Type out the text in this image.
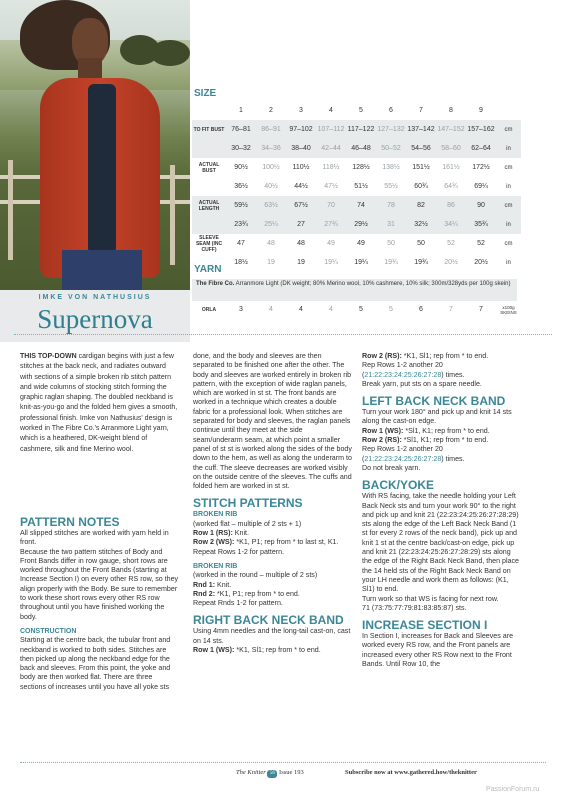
IMKE VON NATHUSIUS
Supernova
SIZE
	1	2	3	4	5	6	7	8	9	
TO FIT BUST	76–81	86–91	97–102	107–112	117–122	127–132	137–142	147–152	157–162	cm
	30–32	34–36	38–40	42–44	46–48	50–52	54–56	58–60	62–64	in
ACTUAL BUST	90½	100½	110½	118½	128½	138½	151½	161½	172½	cm
	36½	40½	44½	47½	51½	55½	60¾	64¾	69¼	in
ACTUAL LENGTH	59½	63½	67½	70	74	78	82	86	90	cm
	23¾	25¼	27	27¾	29½	31	32½	34¼	35¾	in
SLEEVE SEAM (INC CUFF)	47	48	48	49	49	50	50	52	52	cm
	18½	19	19	19¼	19¼	19¾	19¾	20½	20½	in
YARN
The Fibre Co. Arranmore Light (DK weight; 80% Merino wool, 10% cashmere, 10% silk; 300m/328yds per 100g skein)
ORLA	3	4	4	4	5	5	6	7	7	x100g SKEINS

THIS TOP-DOWN cardigan begins with just a few stitches at the back neck, and radiates outward with sections of a simple broken rib stitch pattern and wide columns of stocking stitch forming the graphic raglan shaping. The doubled neckband is knit-as-you-go and the folded hem gives a smooth, professional finish. Imke von Nathusius' design is worked in The Fibre Co.'s Arranmore Light yarn, which is a heathered, DK-weight blend of cashmere, silk and fine Merino wool.

PATTERN NOTES

All slipped stitches are worked with yarn held in front.

Because the two pattern stitches of Body and Front Bands differ in row gauge, short rows are worked throughout the Front Bands (starting at Increase Section I) on every other RS row, so they align properly with the Body. Be sure to remember to work these short rows every other RS row throughout until you have finished working the body.

CONSTRUCTION

Starting at the centre back, the tubular front and neckband is worked to both sides. Stitches are then picked up along the neckband edge for the back and sleeves. From this point, the yoke and body are then worked flat. There are three sections of increases until you have all yoke sts

done, and the body and sleeves are then separated to be finished one after the other. The body and sleeves are worked entirely in broken rib pattern, with the exception of wide raglan panels, which are worked in st st. The front bands are worked in a technique which creates a double fabric for a professional look. When stitches are separated for body and sleeves, the raglan panels continue until they meet at the side seam/underarm seam, at which point a smaller panel of st st is worked along the sides of the body down to the hem, as well as along the underarm to the cuff. The sleeve decreases are worked visibly on the outside centre of the sleeves. The cuffs and folded hem are worked in st st.

STITCH PATTERNS
BROKEN RIB

(worked flat – multiple of 2 sts + 1)

Row 1 (RS): Knit.

Row 2 (WS): *K1, P1; rep from * to last st, K1.

Repeat Rows 1-2 for pattern.

BROKEN RIB

(worked in the round – multiple of 2 sts)

Rnd 1: Knit.

Rnd 2: *K1, P1; rep from * to end.

Repeat Rnds 1-2 for pattern.

RIGHT BACK NECK BAND

Using 4mm needles and the long-tail cast-on, cast on 14 sts.

Row 1 (WS): *K1, Sl1; rep from * to end.

Row 2 (RS): *K1, Sl1; rep from * to end.

Rep Rows 1-2 another 20 (21:22:23:24:25:26:27:28) times.

Break yarn, put sts on a spare needle.

LEFT BACK NECK BAND

Turn your work 180° and pick up and knit 14 sts along the cast-on edge.

Row 1 (WS): *Sl1, K1; rep from * to end.

Row 2 (RS): *Sl1, K1; rep from * to end.

Rep Rows 1-2 another 20 (21:22:23:24:25:26:27:28) times.

Do not break yarn.

BACK/YOKE

With RS facing, take the needle holding your Left Back Neck sts and turn your work 90° to the right and pick up and knit 21 (22:23:24:25:26:27:28:29) sts along the edge of the Left Back Neck Band (1 st for every 2 rows of the neck band), pick up and knit 1 st at the centre back/cast-on edge, pick up and knit 21 (22:23:24:25:26:27:28:29) sts along the edge of the Right Back Neck Band, then place the 14 held sts of the Right Back Neck Band on your LH needle and work them as follows: (K1, Sl1) to end.

Turn work so that WS is facing for next row.

71 (73:75:77:79:81:83:85:87) sts.

INCREASE SECTION I

In Section I, increases for Back and Sleeves are worked every RS row, and the Front panels are increased every other RS Row next to the Front Bands. Until Row 10, the

The Knitter 56 Issue 193	Subscribe now at www.gathered.how/theknitter
PassionForum.ru
